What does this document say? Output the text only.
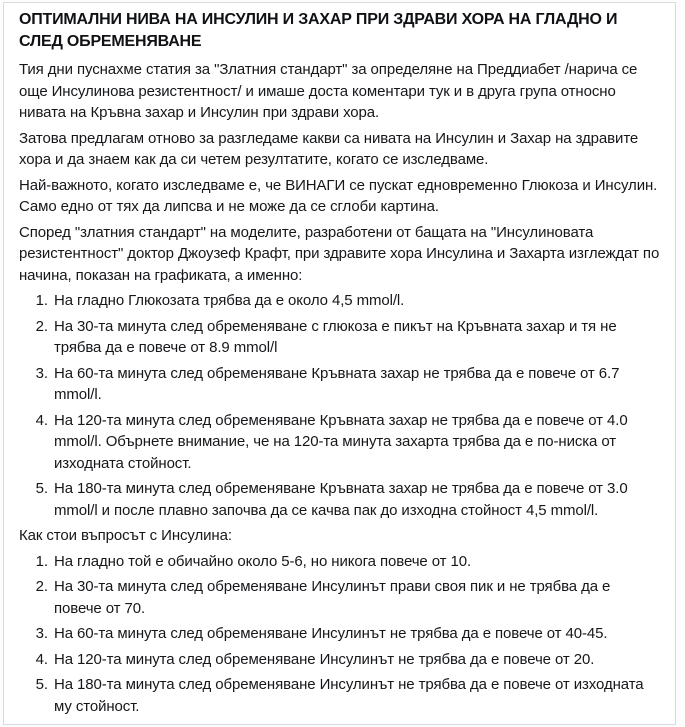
ОПТИМАЛНИ НИВА НА ИНСУЛИН И ЗАХАР ПРИ ЗДРАВИ ХОРА НА ГЛАДНО И СЛЕД ОБРЕМЕНЯВАНЕ

Тия дни пуснахме статия за "Златния стандарт" за определяне на Преддиабет /нарича се още Инсулинова резистентност/ и имаше доста коментари тук и в друга група относно нивата на Кръвна захар и Инсулин при здрави хора.

Затова предлагам отново за разгледаме какви са нивата на Инсулин и Захар на здравите хора и да знаем как да си четем резултатите, когато се изследваме.

Най-важното, когато изследваме е, че ВИНАГИ се пускат едновременно Глюкоза и Инсулин. Само едно от тях да липсва и не може да се сглоби картина.

Според "златния стандарт" на моделите, разработени от бащата на "Инсулиновата резистентност" доктор Джоузеф Крафт, при здравите хора Инсулина и Захарта изглеждат по начина, показан на графиката, а именно:

1. На гладно Глюкозата трябва да е около 4,5 mmol/l.
2. На 30-та минута след обременяване с глюкоза е пикът на Кръвната захар и тя не трябва да е повече от 8.9 mmol/l
3. На 60-та минута след обременяване Кръвната захар не трябва да е повече от 6.7 mmol/l.
4. На 120-та минута след обременяване Кръвната захар не трябва да е повече от 4.0 mmol/l. Обърнете внимание, че на 120-та минута захарта трябва да е по-ниска от изходната стойност.
5. На 180-та минута след обременяване Кръвната захар не трябва да е повече от 3.0 mmol/l и после плавно започва да се качва пак до изходна стойност 4,5 mmol/l.

Как стои въпросът с Инсулина:

1. На гладно той е обичайно около 5-6, но никога повече от 10.
2. На 30-та минута след обременяване Инсулинът прави своя пик и не трябва да е повече от 70.
3. На 60-та минута след обременяване Инсулинът не трябва да е повече от 40-45.
4. На 120-та минута след обременяване Инсулинът не трябва да е повече от 20.
5. На 180-та минута след обременяване Инсулинът не трябва да е повече от изходната му стойност.
